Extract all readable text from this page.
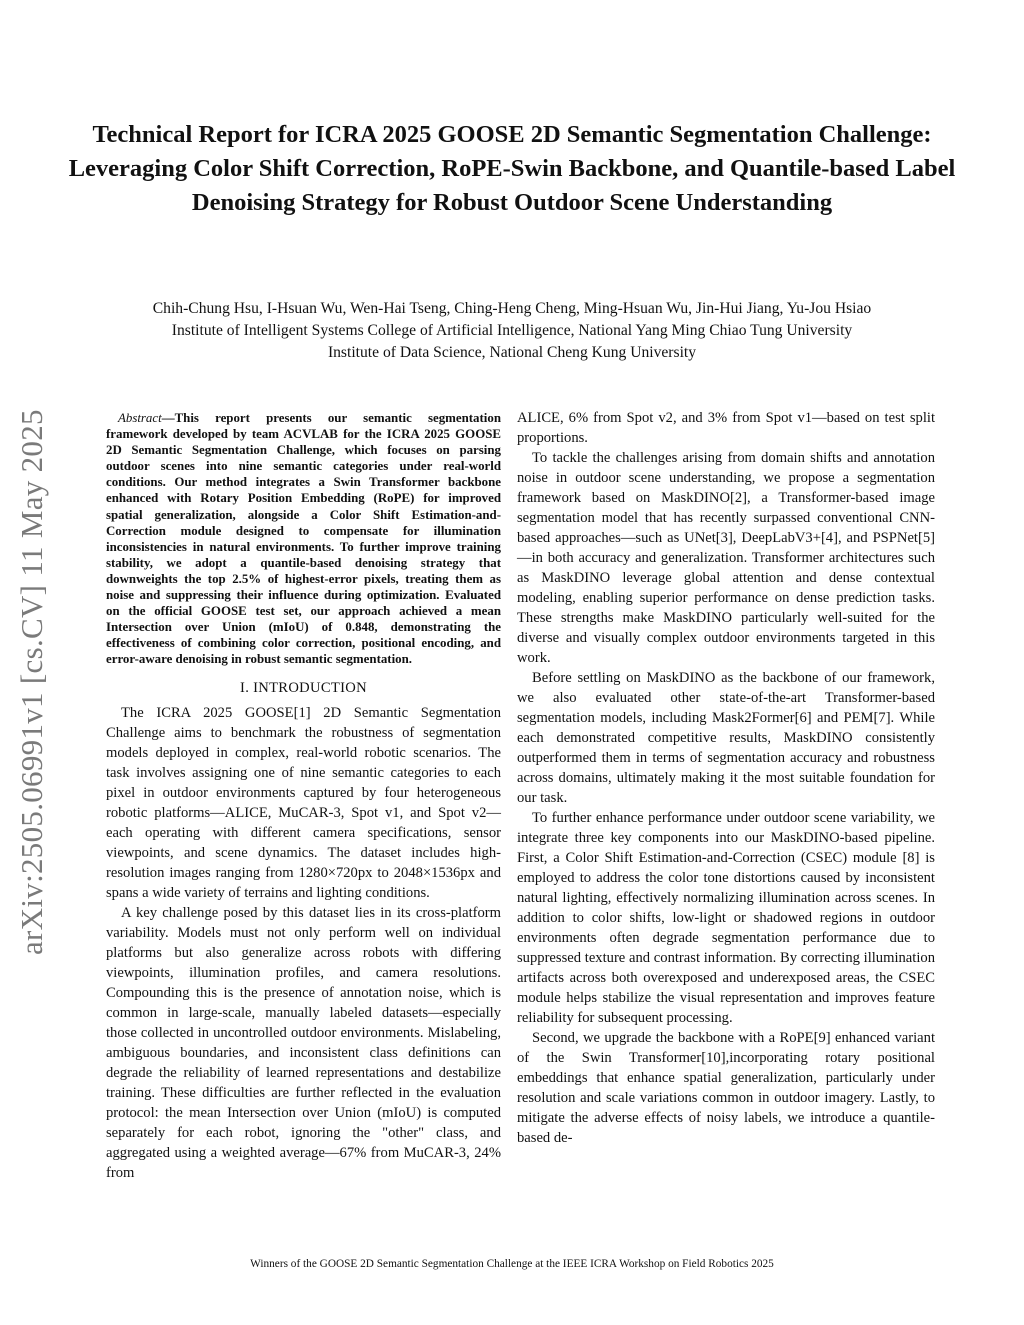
arXiv:2505.06991v1 [cs.CV] 11 May 2025
Technical Report for ICRA 2025 GOOSE 2D Semantic Segmentation Challenge: Leveraging Color Shift Correction, RoPE-Swin Backbone, and Quantile-based Label Denoising Strategy for Robust Outdoor Scene Understanding
Chih-Chung Hsu, I-Hsuan Wu, Wen-Hai Tseng, Ching-Heng Cheng, Ming-Hsuan Wu, Jin-Hui Jiang, Yu-Jou Hsiao
Institute of Intelligent Systems College of Artificial Intelligence, National Yang Ming Chiao Tung University
Institute of Data Science, National Cheng Kung University

Abstract—This report presents our semantic segmentation framework developed by team ACVLAB for the ICRA 2025 GOOSE 2D Semantic Segmentation Challenge, which focuses on parsing outdoor scenes into nine semantic categories under real-world conditions. Our method integrates a Swin Transformer backbone enhanced with Rotary Position Embedding (RoPE) for improved spatial generalization, alongside a Color Shift Estimation-and-Correction module designed to compensate for illumination inconsistencies in natural environments. To further improve training stability, we adopt a quantile-based denoising strategy that downweights the top 2.5% of highest-error pixels, treating them as noise and suppressing their influence during optimization. Evaluated on the official GOOSE test set, our approach achieved a mean Intersection over Union (mIoU) of 0.848, demonstrating the effectiveness of combining color correction, positional encoding, and error-aware denoising in robust semantic segmentation.

I. INTRODUCTION

The ICRA 2025 GOOSE[1] 2D Semantic Segmentation Challenge aims to benchmark the robustness of segmentation models deployed in complex, real-world robotic scenarios. The task involves assigning one of nine semantic categories to each pixel in outdoor environments captured by four heterogeneous robotic platforms—ALICE, MuCAR-3, Spot v1, and Spot v2—each operating with different camera specifications, sensor viewpoints, and scene dynamics. The dataset includes high-resolution images ranging from 1280×720px to 2048×1536px and spans a wide variety of terrains and lighting conditions.

A key challenge posed by this dataset lies in its cross-platform variability. Models must not only perform well on individual platforms but also generalize across robots with differing viewpoints, illumination profiles, and camera resolutions. Compounding this is the presence of annotation noise, which is common in large-scale, manually labeled datasets—especially those collected in uncontrolled outdoor environments. Mislabeling, ambiguous boundaries, and inconsistent class definitions can degrade the reliability of learned representations and destabilize training. These difficulties are further reflected in the evaluation protocol: the mean Intersection over Union (mIoU) is computed separately for each robot, ignoring the "other" class, and aggregated using a weighted average—67% from MuCAR-3, 24% from

ALICE, 6% from Spot v2, and 3% from Spot v1—based on test split proportions.

To tackle the challenges arising from domain shifts and annotation noise in outdoor scene understanding, we propose a segmentation framework based on MaskDINO[2], a Transformer-based image segmentation model that has recently surpassed conventional CNN-based approaches—such as UNet[3], DeepLabV3+[4], and PSPNet[5]—in both accuracy and generalization. Transformer architectures such as MaskDINO leverage global attention and dense contextual modeling, enabling superior performance on dense prediction tasks. These strengths make MaskDINO particularly well-suited for the diverse and visually complex outdoor environments targeted in this work.

Before settling on MaskDINO as the backbone of our framework, we also evaluated other state-of-the-art Transformer-based segmentation models, including Mask2Former[6] and PEM[7]. While each demonstrated competitive results, MaskDINO consistently outperformed them in terms of segmentation accuracy and robustness across domains, ultimately making it the most suitable foundation for our task.

To further enhance performance under outdoor scene variability, we integrate three key components into our MaskDINO-based pipeline. First, a Color Shift Estimation-and-Correction (CSEC) module [8] is employed to address the color tone distortions caused by inconsistent natural lighting, effectively normalizing illumination across scenes. In addition to color shifts, low-light or shadowed regions in outdoor environments often degrade segmentation performance due to suppressed texture and contrast information. By correcting illumination artifacts across both overexposed and underexposed areas, the CSEC module helps stabilize the visual representation and improves feature reliability for subsequent processing.

Second, we upgrade the backbone with a RoPE[9] enhanced variant of the Swin Transformer[10],incorporating rotary positional embeddings that enhance spatial generalization, particularly under resolution and scale variations common in outdoor imagery. Lastly, to mitigate the adverse effects of noisy labels, we introduce a quantile-based de-

Winners of the GOOSE 2D Semantic Segmentation Challenge at the IEEE ICRA Workshop on Field Robotics 2025
